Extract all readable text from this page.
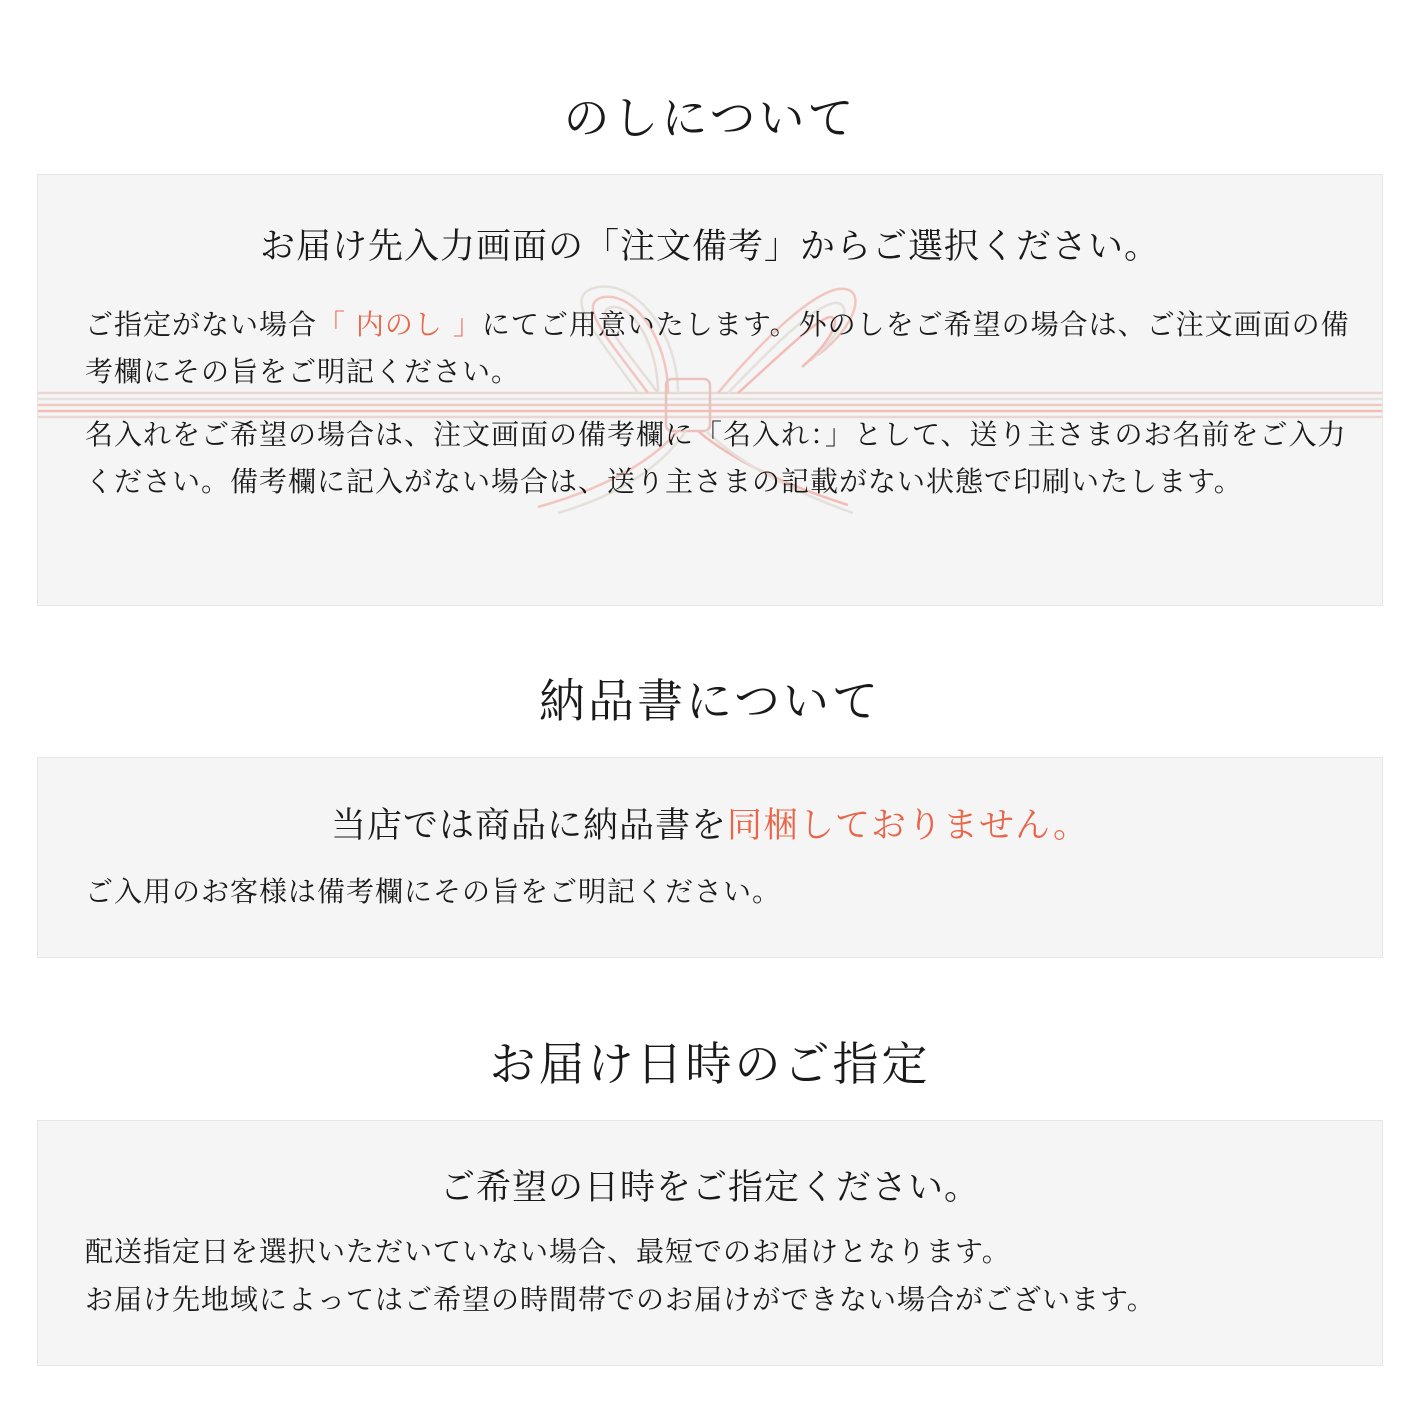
のしについて

お届け先入力画面の「注文備考」からご選択ください。

ご指定がない場合「 内のし 」にてご用意いたします。外のしをご希望の場合は、ご注文画面の備考欄にその旨をご明記ください。

名入れをご希望の場合は、注文画面の備考欄に「名入れ：」として、送り主さまのお名前をご入力ください。備考欄に記入がない場合は、送り主さまの記載がない状態で印刷いたします。

納品書について

当店では商品に納品書を同梱しておりません。

ご入用のお客様は備考欄にその旨をご明記ください。

お届け日時のご指定

ご希望の日時をご指定ください。

配送指定日を選択いただいていない場合、最短でのお届けとなります。

お届け先地域によってはご希望の時間帯でのお届けができない場合がございます。
